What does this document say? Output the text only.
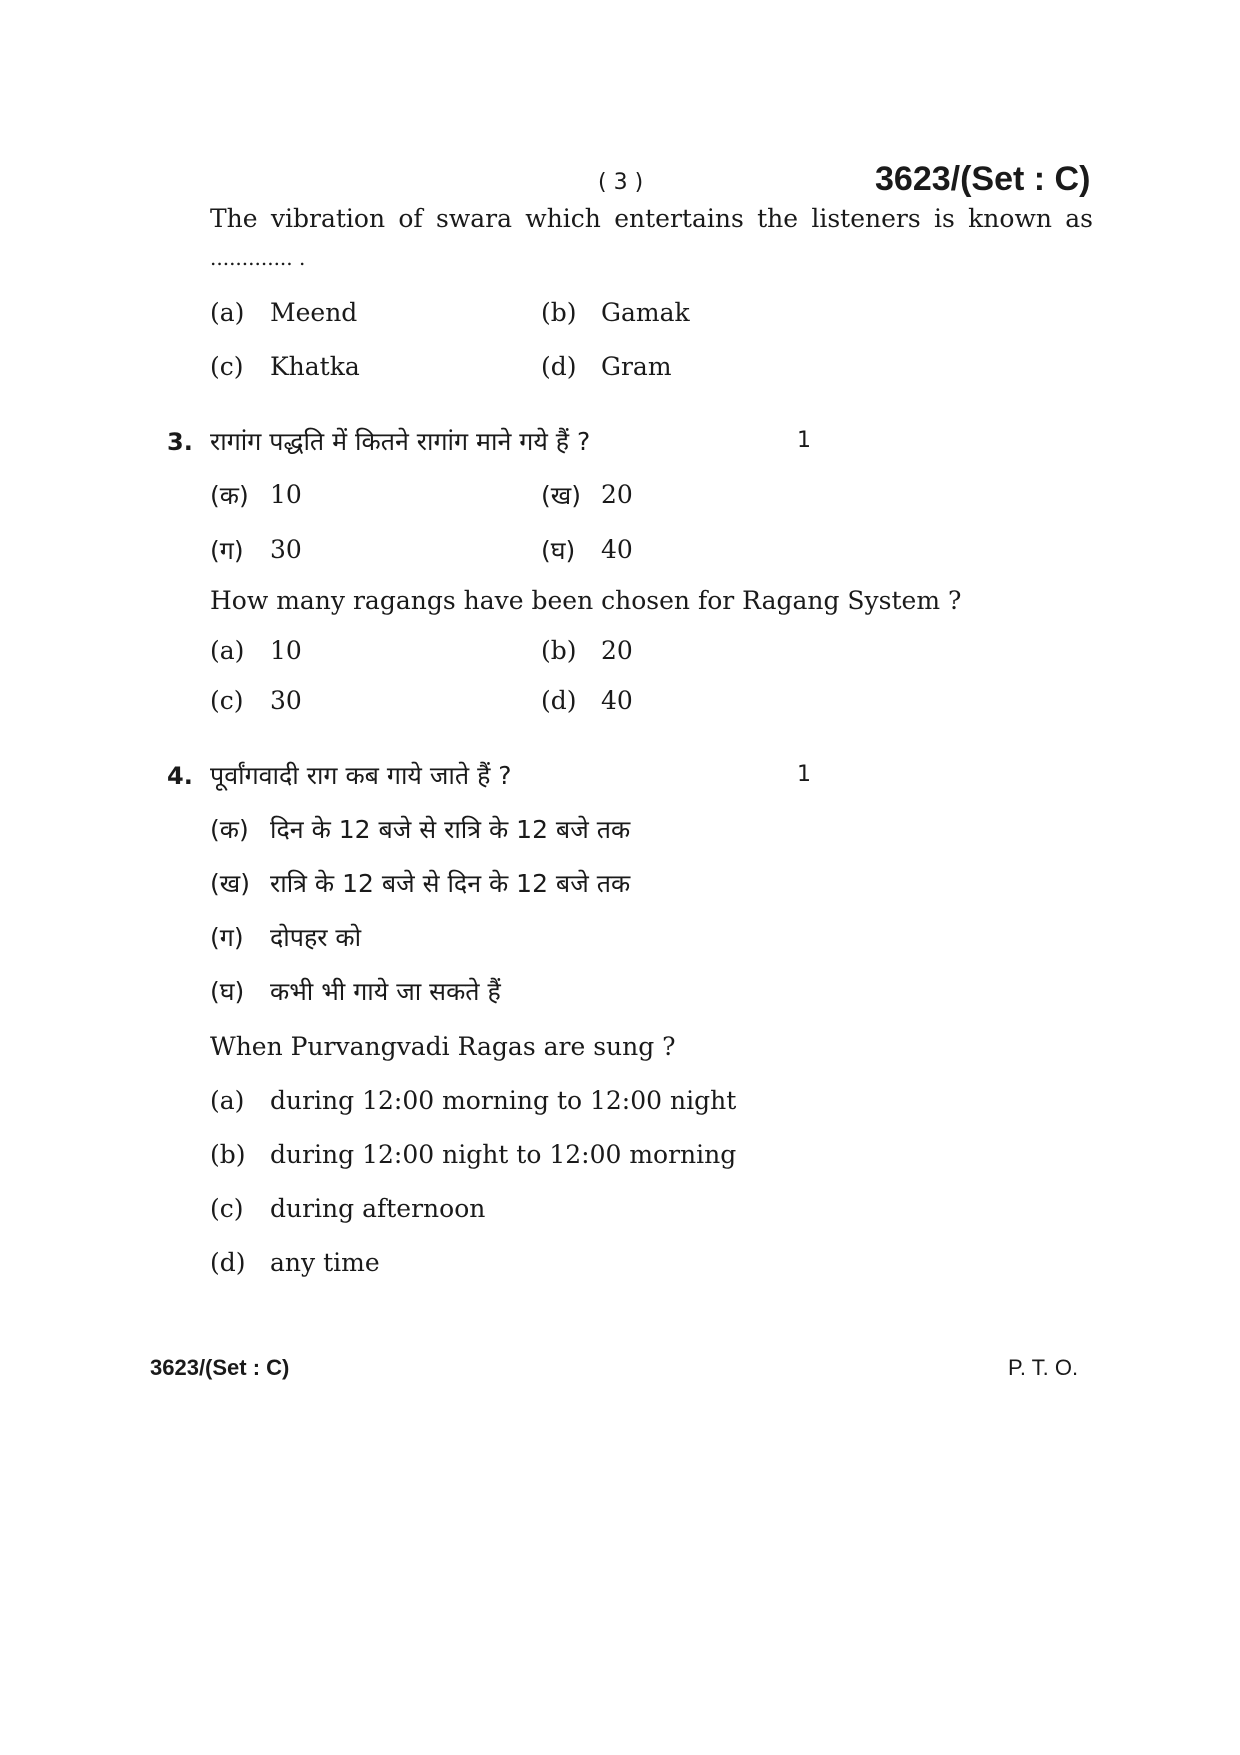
( 3 )	3623/(Set : C)
The vibration of swara which entertains the listeners is known as
............. .
(a) Meend	(b) Gamak
(c) Khatka	(d) Gram
3. रागांग पद्धति में कितने रागांग माने गये हैं ?	1
(क) 10	(ख) 20
(ग) 30	(घ) 40
How many ragangs have been chosen for Ragang System ?
(a) 10	(b) 20
(c) 30	(d) 40
4. पूर्वांगवादी राग कब गाये जाते हैं ?	1
(क) दिन के 12 बजे से रात्रि के 12 बजे तक
(ख) रात्रि के 12 बजे से दिन के 12 बजे तक
(ग) दोपहर को
(घ) कभी भी गाये जा सकते हैं
When Purvangvadi Ragas are sung ?
(a) during 12:00 morning to 12:00 night
(b) during 12:00 night to 12:00 morning
(c) during afternoon
(d) any time
3623/(Set : C)	P. T. O.
